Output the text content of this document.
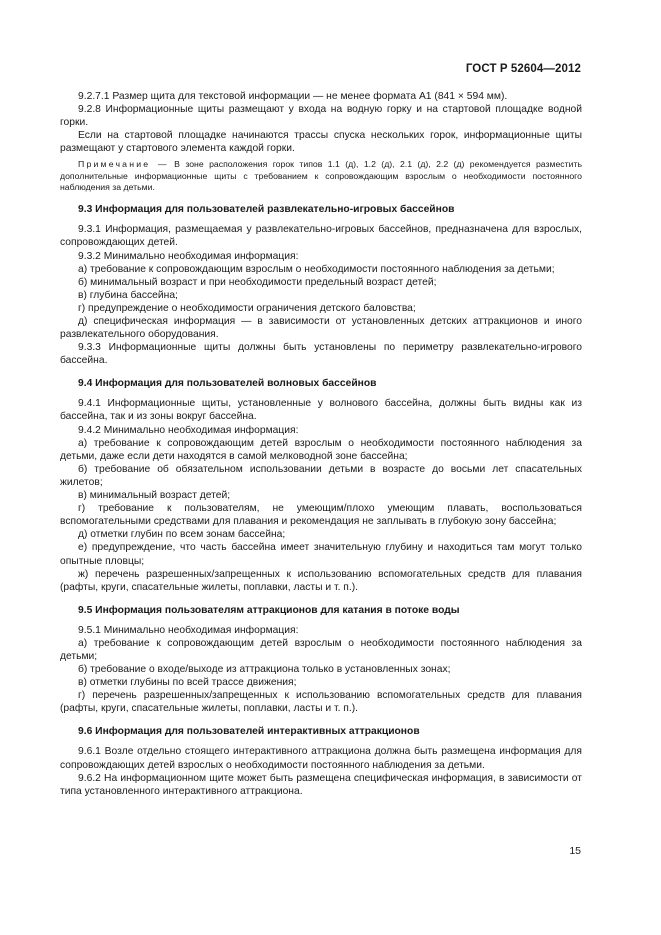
ГОСТ Р 52604—2012

9.2.7.1 Размер щита для текстовой информации — не менее формата А1 (841 × 594 мм).

9.2.8 Информационные щиты размещают у входа на водную горку и на стартовой площадке водной горки.

Если на стартовой площадке начинаются трассы спуска нескольких горок, информационные щиты размещают у стартового элемента каждой горки.

Примечание — В зоне расположения горок типов 1.1 (д), 1.2 (д), 2.1 (д), 2.2 (д) рекомендуется разместить дополнительные информационные щиты с требованием к сопровождающим взрослым о необходимости постоянного наблюдения за детьми.

9.3 Информация для пользователей развлекательно-игровых бассейнов

9.3.1 Информация, размещаемая у развлекательно-игровых бассейнов, предназначена для взрослых, сопровождающих детей.

9.3.2 Минимально необходимая информация:

а) требование к сопровождающим взрослым о необходимости постоянного наблюдения за детьми;

б) минимальный возраст и при необходимости предельный возраст детей;

в) глубина бассейна;

г) предупреждение о необходимости ограничения детского баловства;

д) специфическая информация — в зависимости от установленных детских аттракционов и иного развлекательного оборудования.

9.3.3 Информационные щиты должны быть установлены по периметру развлекательно-игрового бассейна.

9.4 Информация для пользователей волновых бассейнов

9.4.1 Информационные щиты, установленные у волнового бассейна, должны быть видны как из бассейна, так и из зоны вокруг бассейна.

9.4.2 Минимально необходимая информация:

а) требование к сопровождающим детей взрослым о необходимости постоянного наблюдения за детьми, даже если дети находятся в самой мелководной зоне бассейна;

б) требование об обязательном использовании детьми в возрасте до восьми лет спасательных жилетов;

в) минимальный возраст детей;

г) требование к пользователям, не умеющим/плохо умеющим плавать, воспользоваться вспомогательными средствами для плавания и рекомендация не заплывать в глубокую зону бассейна;

д) отметки глубин по всем зонам бассейна;

е) предупреждение, что часть бассейна имеет значительную глубину и находиться там могут только опытные пловцы;

ж) перечень разрешенных/запрещенных к использованию вспомогательных средств для плавания (рафты, круги, спасательные жилеты, поплавки, ласты и т. п.).

9.5 Информация пользователям аттракционов для катания в потоке воды

9.5.1 Минимально необходимая информация:

а) требование к сопровождающим детей взрослым о необходимости постоянного наблюдения за детьми;

б) требование о входе/выходе из аттракциона только в установленных зонах;

в) отметки глубины по всей трассе движения;

г) перечень разрешенных/запрещенных к использованию вспомогательных средств для плавания (рафты, круги, спасательные жилеты, поплавки, ласты и т. п.).

9.6 Информация для пользователей интерактивных аттракционов

9.6.1 Возле отдельно стоящего интерактивного аттракциона должна быть размещена информация для сопровождающих детей взрослых о необходимости постоянного наблюдения за детьми.

9.6.2 На информационном щите может быть размещена специфическая информация, в зависимости от типа установленного интерактивного аттракциона.

15
